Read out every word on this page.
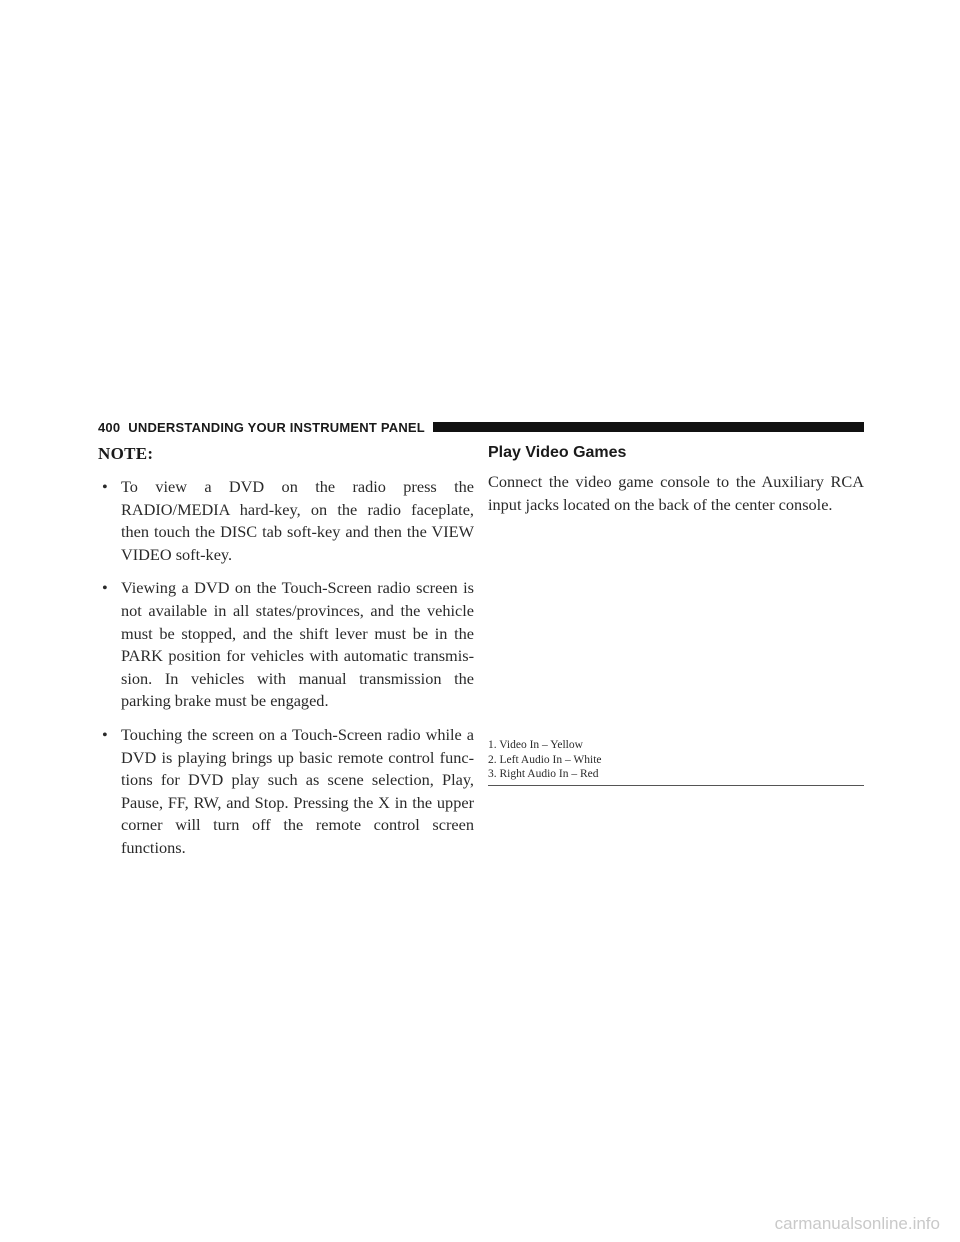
400 UNDERSTANDING YOUR INSTRUMENT PANEL
NOTE:
• To view a DVD on the radio press the RADIO/MEDIA hard-key, on the radio faceplate, then touch the DISC tab soft-key and then the VIEW VIDEO soft-key.
• Viewing a DVD on the Touch-Screen radio screen is not available in all states/provinces, and the vehicle must be stopped, and the shift lever must be in the PARK position for vehicles with automatic transmis-sion. In vehicles with manual transmission the parking brake must be engaged.
• Touching the screen on a Touch-Screen radio while a DVD is playing brings up basic remote control func-tions for DVD play such as scene selection, Play, Pause, FF, RW, and Stop. Pressing the X in the upper corner will turn off the remote control screen functions.
Play Video Games

Connect the video game console to the Auxiliary RCA input jacks located on the back of the center console.

1. Video In – Yellow
2. Left Audio In – White
3. Right Audio In – Red
carmanualsonline.info
